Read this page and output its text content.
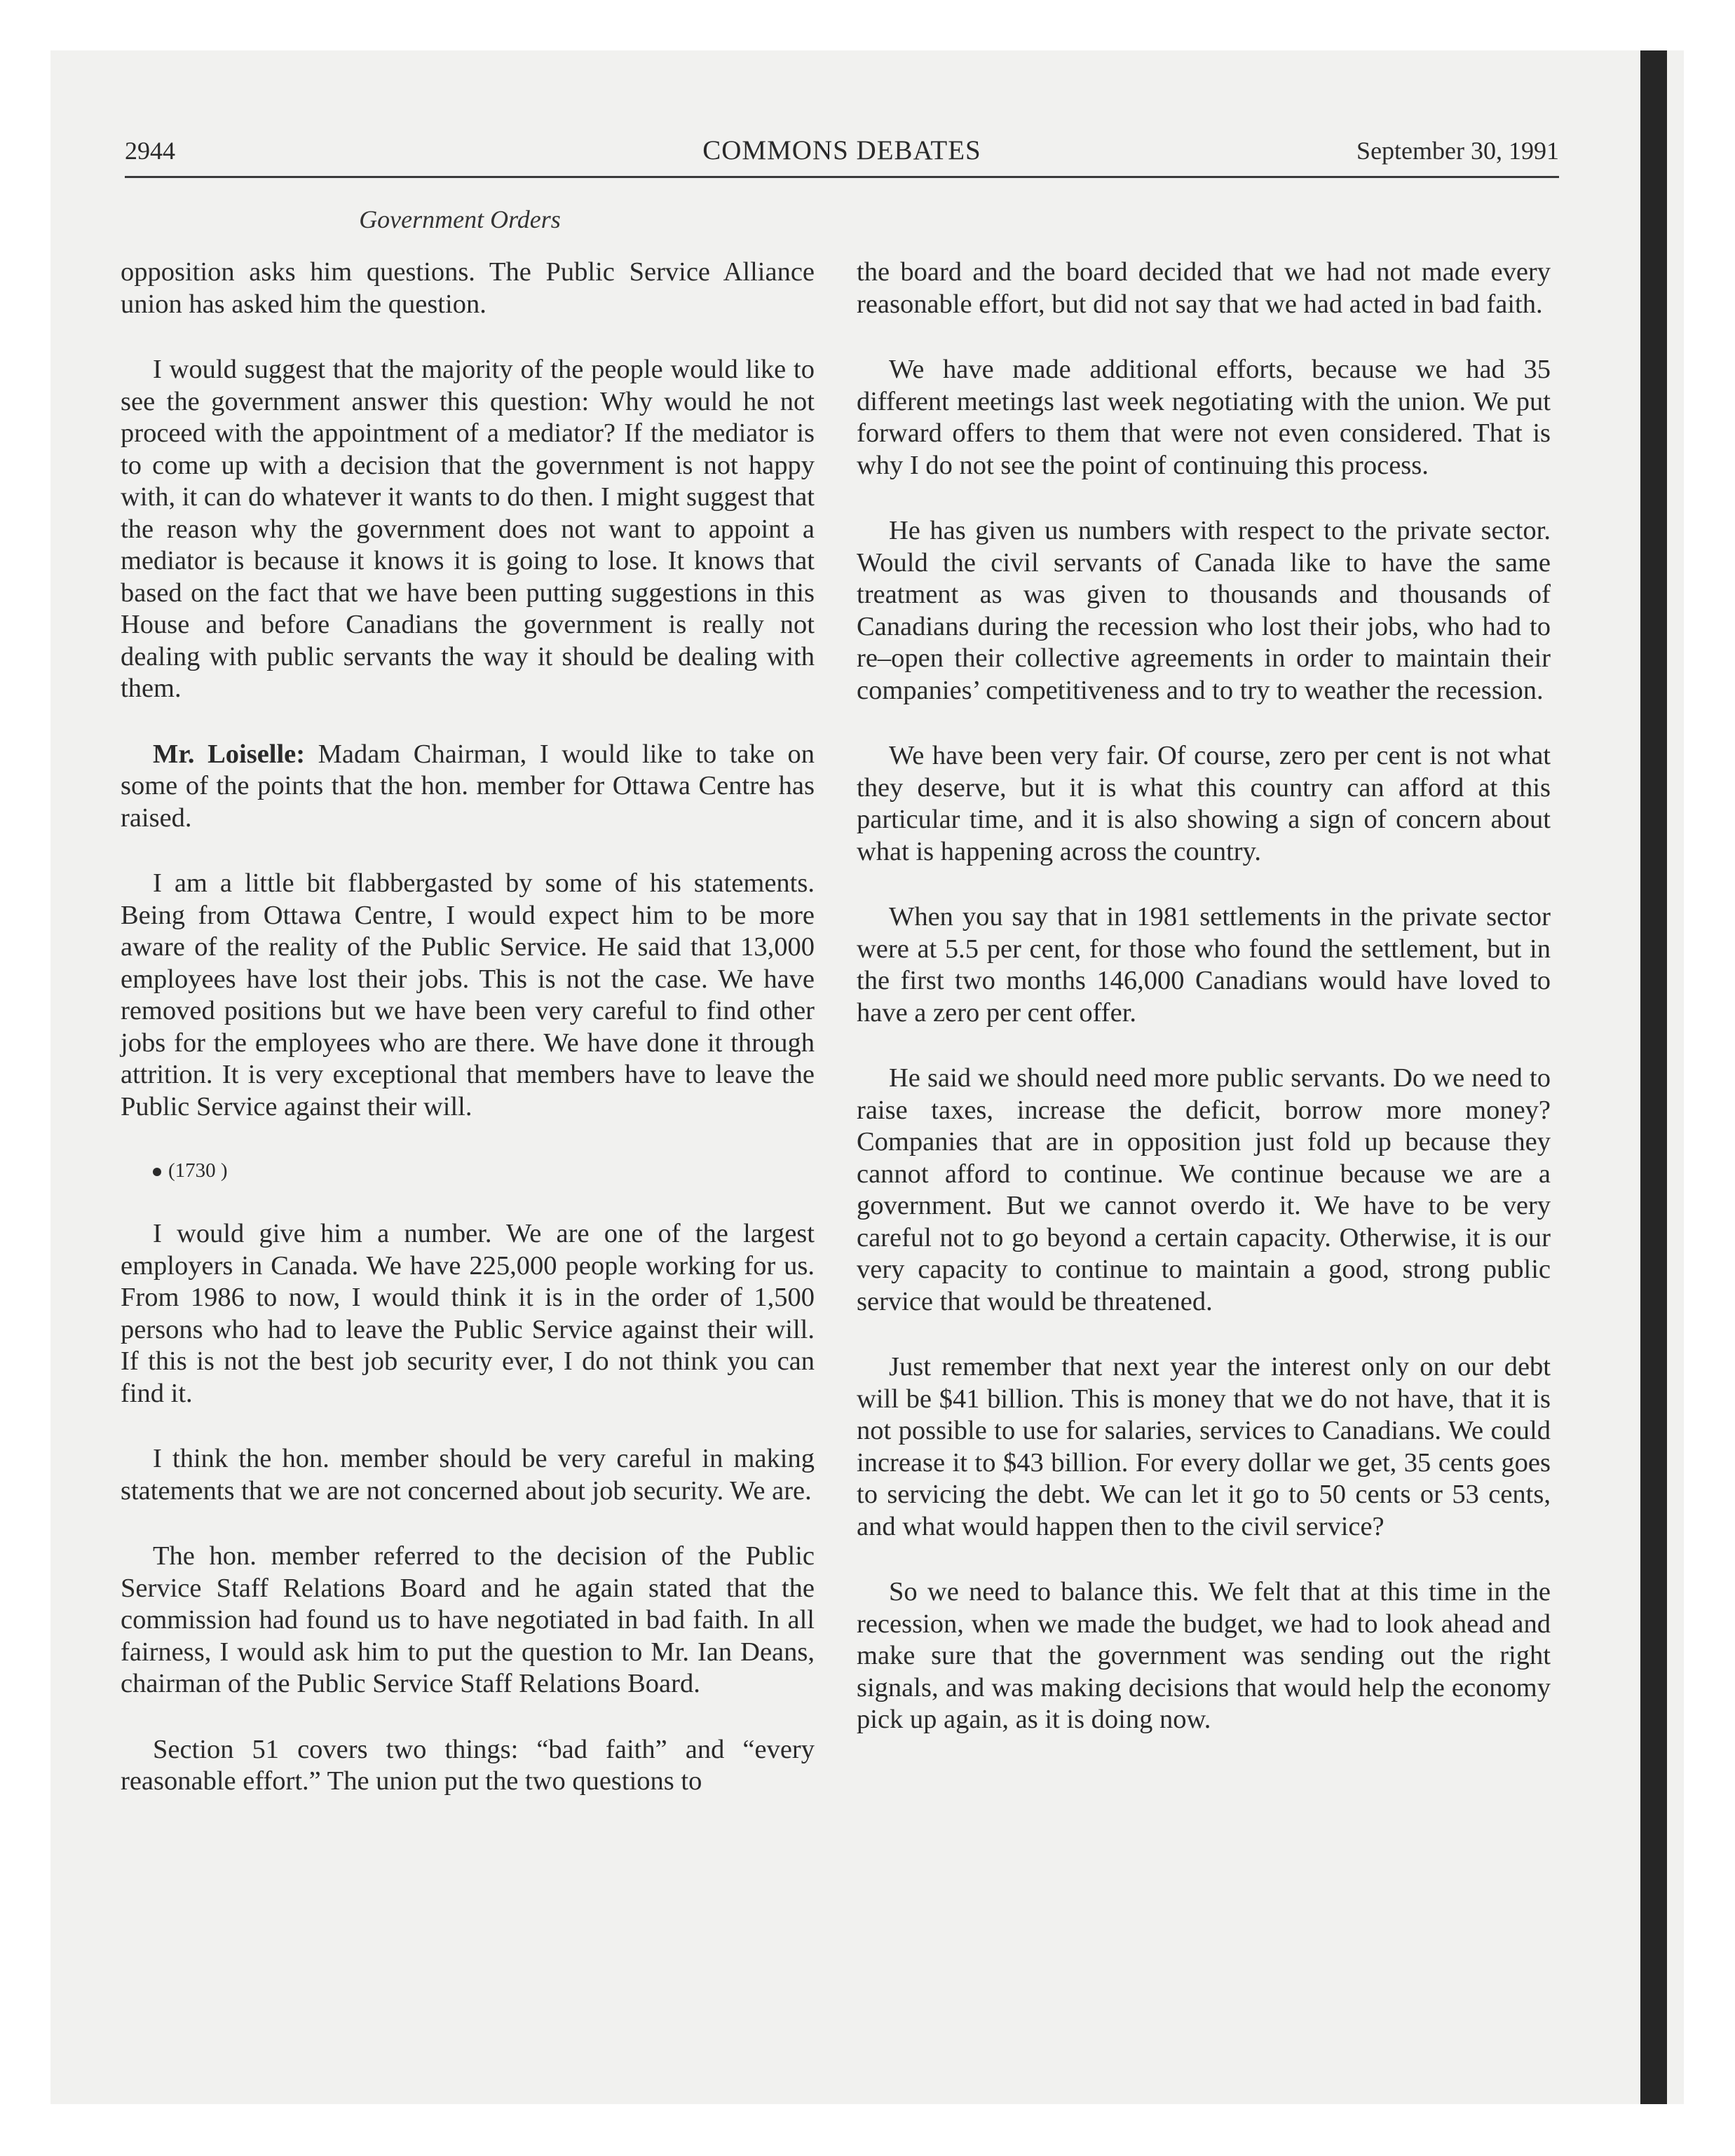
2944	COMMONS DEBATES	September 30, 1991
Government Orders

opposition asks him questions. The Public Service Alliance union has asked him the question.

I would suggest that the majority of the people would like to see the government answer this question: Why would he not proceed with the appointment of a mediator? If the mediator is to come up with a decision that the government is not happy with, it can do whatever it wants to do then. I might suggest that the reason why the government does not want to appoint a mediator is because it knows it is going to lose. It knows that based on the fact that we have been putting suggestions in this House and before Canadians the government is really not dealing with public servants the way it should be dealing with them.

Mr. Loiselle: Madam Chairman, I would like to take on some of the points that the hon. member for Ottawa Centre has raised.

I am a little bit flabbergasted by some of his statements. Being from Ottawa Centre, I would expect him to be more aware of the reality of the Public Service. He said that 13,000 employees have lost their jobs. This is not the case. We have removed positions but we have been very careful to find other jobs for the employees who are there. We have done it through attrition. It is very exceptional that members have to leave the Public Service against their will.

(1730 )

I would give him a number. We are one of the largest employers in Canada. We have 225,000 people working for us. From 1986 to now, I would think it is in the order of 1,500 persons who had to leave the Public Service against their will. If this is not the best job security ever, I do not think you can find it.

I think the hon. member should be very careful in making statements that we are not concerned about job security. We are.

The hon. member referred to the decision of the Public Service Staff Relations Board and he again stated that the commission had found us to have negotiated in bad faith. In all fairness, I would ask him to put the question to Mr. Ian Deans, chairman of the Public Service Staff Relations Board.

Section 51 covers two things: “bad faith” and “every reasonable effort.” The union put the two questions to

the board and the board decided that we had not made every reasonable effort, but did not say that we had acted in bad faith.

We have made additional efforts, because we had 35 different meetings last week negotiating with the union. We put forward offers to them that were not even considered. That is why I do not see the point of continuing this process.

He has given us numbers with respect to the private sector. Would the civil servants of Canada like to have the same treatment as was given to thousands and thousands of Canadians during the recession who lost their jobs, who had to re–open their collective agreements in order to maintain their companies’ competitiveness and to try to weather the recession.

We have been very fair. Of course, zero per cent is not what they deserve, but it is what this country can afford at this particular time, and it is also showing a sign of concern about what is happening across the country.

When you say that in 1981 settlements in the private sector were at 5.5 per cent, for those who found the settlement, but in the first two months 146,000 Canadians would have loved to have a zero per cent offer.

He said we should need more public servants. Do we need to raise taxes, increase the deficit, borrow more money? Companies that are in opposition just fold up because they cannot afford to continue. We continue because we are a government. But we cannot overdo it. We have to be very careful not to go beyond a certain capacity. Otherwise, it is our very capacity to continue to maintain a good, strong public service that would be threatened.

Just remember that next year the interest only on our debt will be $41 billion. This is money that we do not have, that it is not possible to use for salaries, services to Canadians. We could increase it to $43 billion. For every dollar we get, 35 cents goes to servicing the debt. We can let it go to 50 cents or 53 cents, and what would happen then to the civil service?

So we need to balance this. We felt that at this time in the recession, when we made the budget, we had to look ahead and make sure that the government was sending out the right signals, and was making decisions that would help the economy pick up again, as it is doing now.
